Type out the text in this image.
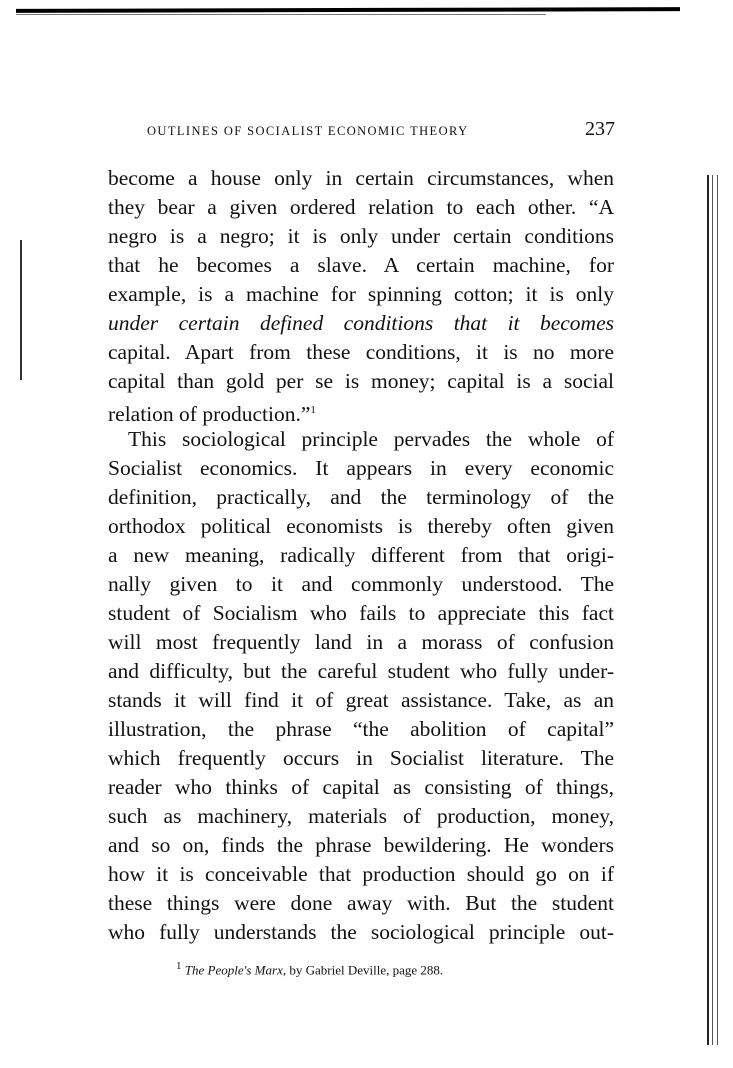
OUTLINES OF SOCIALIST ECONOMIC THEORY	237
become a house only in certain circumstances, when
they bear a given ordered relation to each other. “A
negro is a negro; it is only under certain conditions
that he becomes a slave. A certain machine, for
example, is a machine for spinning cotton; it is only
under certain defined conditions that it becomes
capital. Apart from these conditions, it is no more
capital than gold per se is money; capital is a social
relation of production.”$^1$
This sociological principle pervades the whole of
Socialist economics. It appears in every economic
definition, practically, and the terminology of the
orthodox political economists is thereby often given
a new meaning, radically different from that origi-
nally given to it and commonly understood. The
student of Socialism who fails to appreciate this fact
will most frequently land in a morass of confusion
and difficulty, but the careful student who fully under-
stands it will find it of great assistance. Take, as an
illustration, the phrase “the abolition of capital”
which frequently occurs in Socialist literature. The
reader who thinks of capital as consisting of things,
such as machinery, materials of production, money,
and so on, finds the phrase bewildering. He wonders
how it is conceivable that production should go on if
these things were done away with. But the student
who fully understands the sociological principle out-
$^1$ The People's Marx, by Gabriel Deville, page 288.
